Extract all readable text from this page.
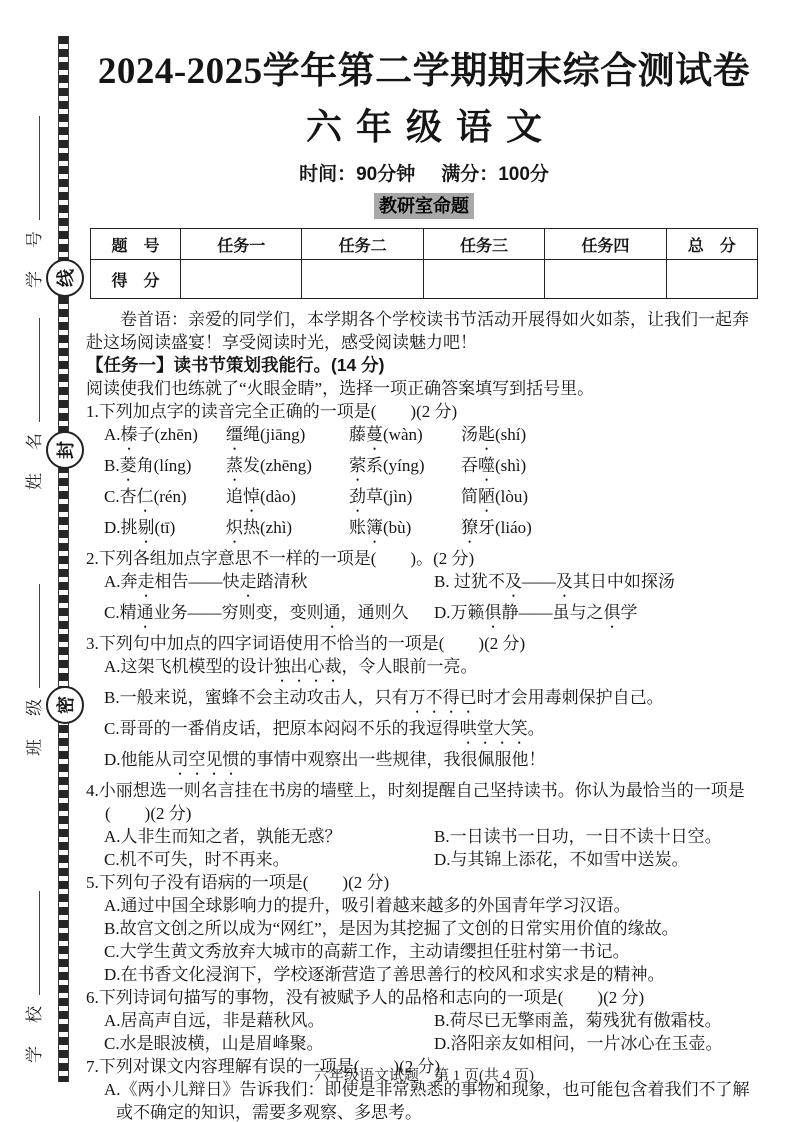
学　号
姓　名
班　级
学　校
线
封
密
2024-2025学年第二学期期末综合测试卷
六年级语文
时间：90分钟 满分：100分
教研室命题
题　号	任务一	任务二	任务三	任务四	总　分
得　分					

卷首语：亲爱的同学们，本学期各个学校读书节活动开展得如火如荼，让我们一起奔赴这场阅读盛宴！享受阅读时光，感受阅读魅力吧！

【任务一】读书节策划我能行。(14 分)

阅读使我们也练就了“火眼金睛”，选择一项正确答案填写到括号里。

1.下列加点字的读音完全正确的一项是(　　)(2 分)

A.榛子(zhēn)	缰绳(jiāng)	藤蔓(wàn)	汤匙(shí)
B.菱角(líng)	蒸发(zhēng)	萦系(yíng)	吞噬(shì)
C.杏仁(rén)	追悼(dào)	劲草(jìn)	简陋(lòu)
D.挑剔(tī)	炽热(zhì)	账簿(bù)	獠牙(liáo)

2.下列各组加点字意思不一样的一项是(　　)。(2 分)

A.奔走相告——快走踏清秋	B. 过犹不及——及其日中如探汤
C.精通业务——穷则变，变则通，通则久	D.万籁俱静——虽与之俱学

3.下列句中加点的四字词语使用不恰当的一项是(　　)(2 分)

A.这架飞机模型的设计独出心裁，令人眼前一亮。

B.一般来说，蜜蜂不会主动攻击人，只有万不得已时才会用毒刺保护自己。

C.哥哥的一番俏皮话，把原本闷闷不乐的我逗得哄堂大笑。

D.他能从司空见惯的事情中观察出一些规律，我很佩服他！

4.小丽想选一则名言挂在书房的墙壁上，时刻提醒自己坚持读书。你认为最恰当的一项是(　　)(2 分)

A.人非生而知之者，孰能无惑？	B.一日读书一日功，一日不读十日空。
C.机不可失，时不再来。	D.与其锦上添花，不如雪中送炭。

5.下列句子没有语病的一项是(　　)(2 分)

A.通过中国全球影响力的提升，吸引着越来越多的外国青年学习汉语。

B.故宫文创之所以成为“网红”，是因为其挖掘了文创的日常实用价值的缘故。

C.大学生黄文秀放弃大城市的高薪工作，主动请缨担任驻村第一书记。

D.在书香文化浸润下，学校逐渐营造了善思善行的校风和求实求是的精神。

6.下列诗词句描写的事物，没有被赋予人的品格和志向的一项是(　　)(2 分)

A.居高声自远，非是藉秋风。	B.荷尽已无擎雨盖，菊残犹有傲霜枝。
C.水是眼波横，山是眉峰聚。	D.洛阳亲友如相问，一片冰心在玉壶。

7.下列对课文内容理解有误的一项是(　　)(2 分)

A.《两小儿辩日》告诉我们：即使是非常熟悉的事物和现象，也可能包含着我们不了解或不确定的知识，需要多观察、多思考。

六年级语文试题　第 1 页(共 4 页)
